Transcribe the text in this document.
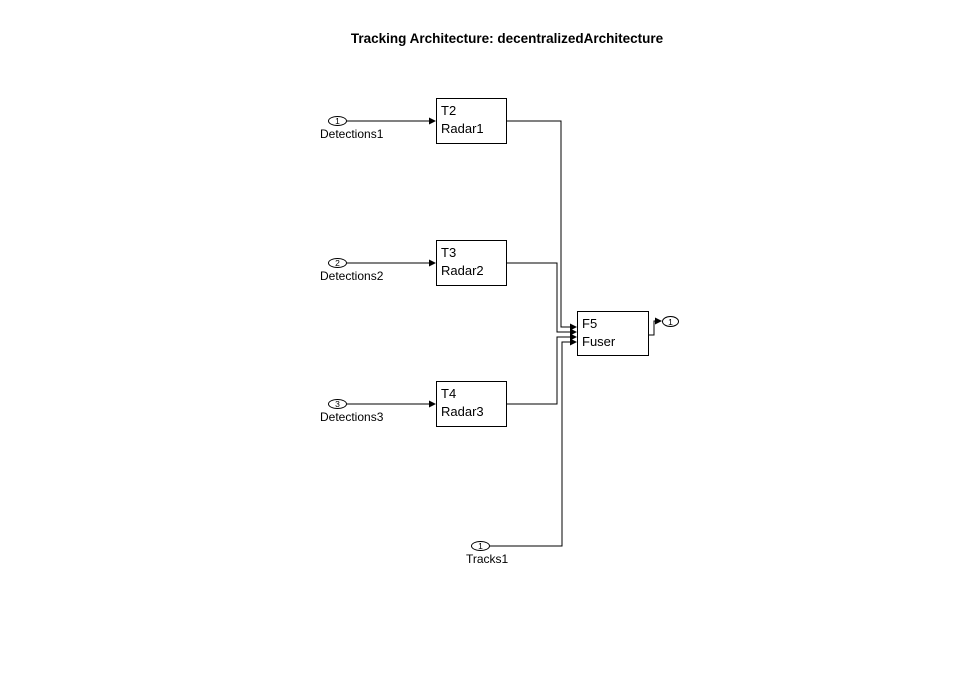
Tracking Architecture: decentralizedArchitecture
T2
Radar1
T3
Radar2
T4
Radar3
F5
Fuser
1
2
3
1
1
Detections1
Detections2
Detections3
Tracks1
